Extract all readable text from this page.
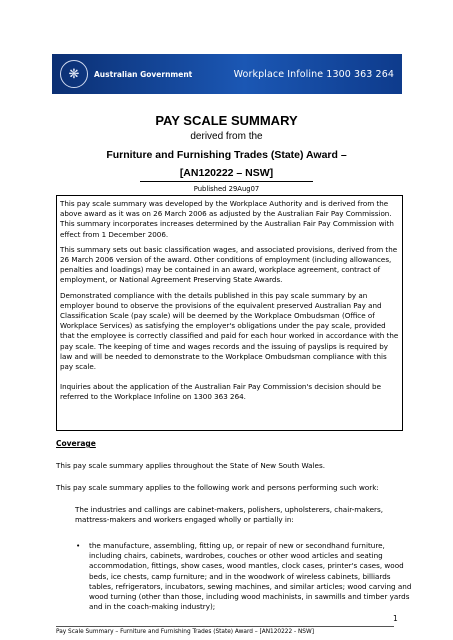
❋	Australian Government	Workplace Infoline 1300 363 264
PAY SCALE SUMMARY
derived from the
Furniture and Furnishing Trades (State) Award –
[AN120222 – NSW]
Published 29Aug07

This pay scale summary was developed by the Workplace Authority and is derived from the above award as it was on 26 March 2006 as adjusted by the Australian Fair Pay Commission. This summary incorporates increases determined by the Australian Fair Pay Commission with effect from 1 December 2006.

This summary sets out basic classification wages, and associated provisions, derived from the 26 March 2006 version of the award. Other conditions of employment (including allowances, penalties and loadings) may be contained in an award, workplace agreement, contract of employment, or National Agreement Preserving State Awards.

Demonstrated compliance with the details published in this pay scale summary by an employer bound to observe the provisions of the equivalent preserved Australian Pay and Classification Scale (pay scale) will be deemed by the Workplace Ombudsman (Office of Workplace Services) as satisfying the employer's obligations under the pay scale, provided that the employee is correctly classified and paid for each hour worked in accordance with the pay scale. The keeping of time and wages records and the issuing of payslips is required by law and will be needed to demonstrate to the Workplace Ombudsman compliance with this pay scale.

Inquiries about the application of the Australian Fair Pay Commission's decision should be referred to the Workplace Infoline on 1300 363 264.

Coverage
This pay scale summary applies throughout the State of New South Wales.
This pay scale summary applies to the following work and persons performing such work:
The industries and callings are cabinet-makers, polishers, upholsterers, chair-makers, mattress-makers and workers engaged wholly or partially in:
• the manufacture, assembling, fitting up, or repair of new or secondhand furniture, including chairs, cabinets, wardrobes, couches or other wood articles and seating accommodation, fittings, show cases, wood mantles, clock cases, printer's cases, wood beds, ice chests, camp furniture; and in the woodwork of wireless cabinets, billiards tables, refrigerators, incubators, sewing machines, and similar articles; wood carving and wood turning (other than those, including wood machinists, in sawmills and timber yards and in the coach-making industry);
1
Pay Scale Summary – Furniture and Furnishing Trades (State) Award – [AN120222 - NSW]
